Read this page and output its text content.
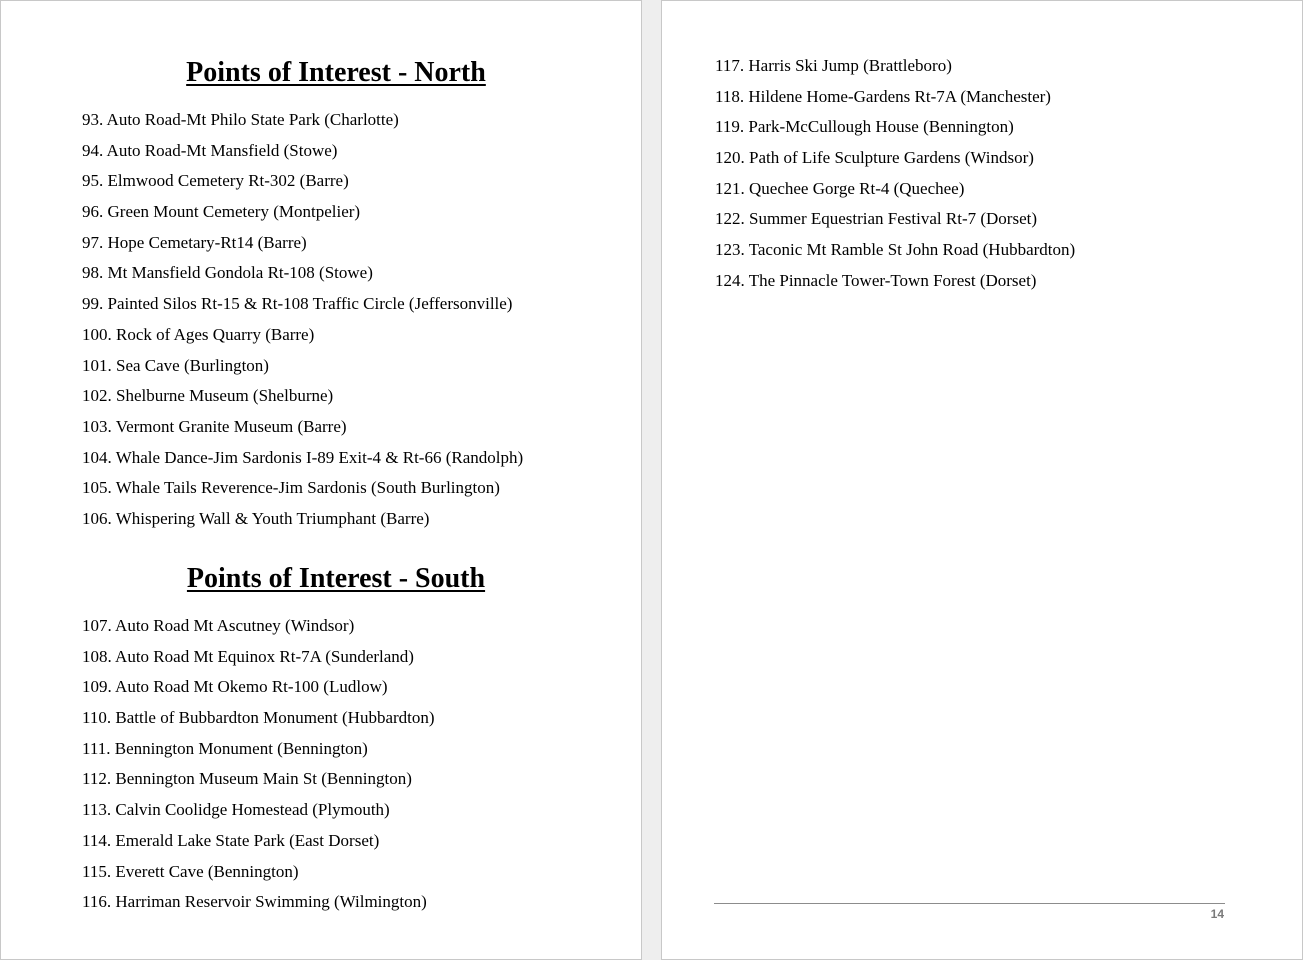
Points of Interest - North
93. Auto Road-Mt Philo State Park (Charlotte)
94. Auto Road-Mt Mansfield (Stowe)
95. Elmwood Cemetery Rt-302 (Barre)
96. Green Mount Cemetery (Montpelier)
97. Hope Cemetary-Rt14 (Barre)
98. Mt Mansfield Gondola Rt-108 (Stowe)
99. Painted Silos Rt-15 & Rt-108 Traffic Circle (Jeffersonville)
100. Rock of Ages Quarry (Barre)
101. Sea Cave (Burlington)
102. Shelburne Museum (Shelburne)
103. Vermont Granite Museum (Barre)
104. Whale Dance-Jim Sardonis I-89 Exit-4 & Rt-66 (Randolph)
105. Whale Tails Reverence-Jim Sardonis (South Burlington)
106. Whispering Wall & Youth Triumphant (Barre)
Points of Interest - South
107. Auto Road Mt Ascutney (Windsor)
108. Auto Road Mt Equinox Rt-7A (Sunderland)
109. Auto Road Mt Okemo Rt-100 (Ludlow)
110. Battle of Bubbardton Monument (Hubbardton)
111. Bennington Monument (Bennington)
112. Bennington Museum Main St (Bennington)
113. Calvin Coolidge Homestead (Plymouth)
114. Emerald Lake State Park (East Dorset)
115. Everett Cave (Bennington)
116. Harriman Reservoir Swimming (Wilmington)
117. Harris Ski Jump (Brattleboro)
118. Hildene Home-Gardens Rt-7A (Manchester)
119. Park-McCullough House (Bennington)
120. Path of Life Sculpture Gardens (Windsor)
121. Quechee Gorge Rt-4 (Quechee)
122. Summer Equestrian Festival Rt-7 (Dorset)
123. Taconic Mt Ramble St John Road (Hubbardton)
124. The Pinnacle Tower-Town Forest (Dorset)
14
